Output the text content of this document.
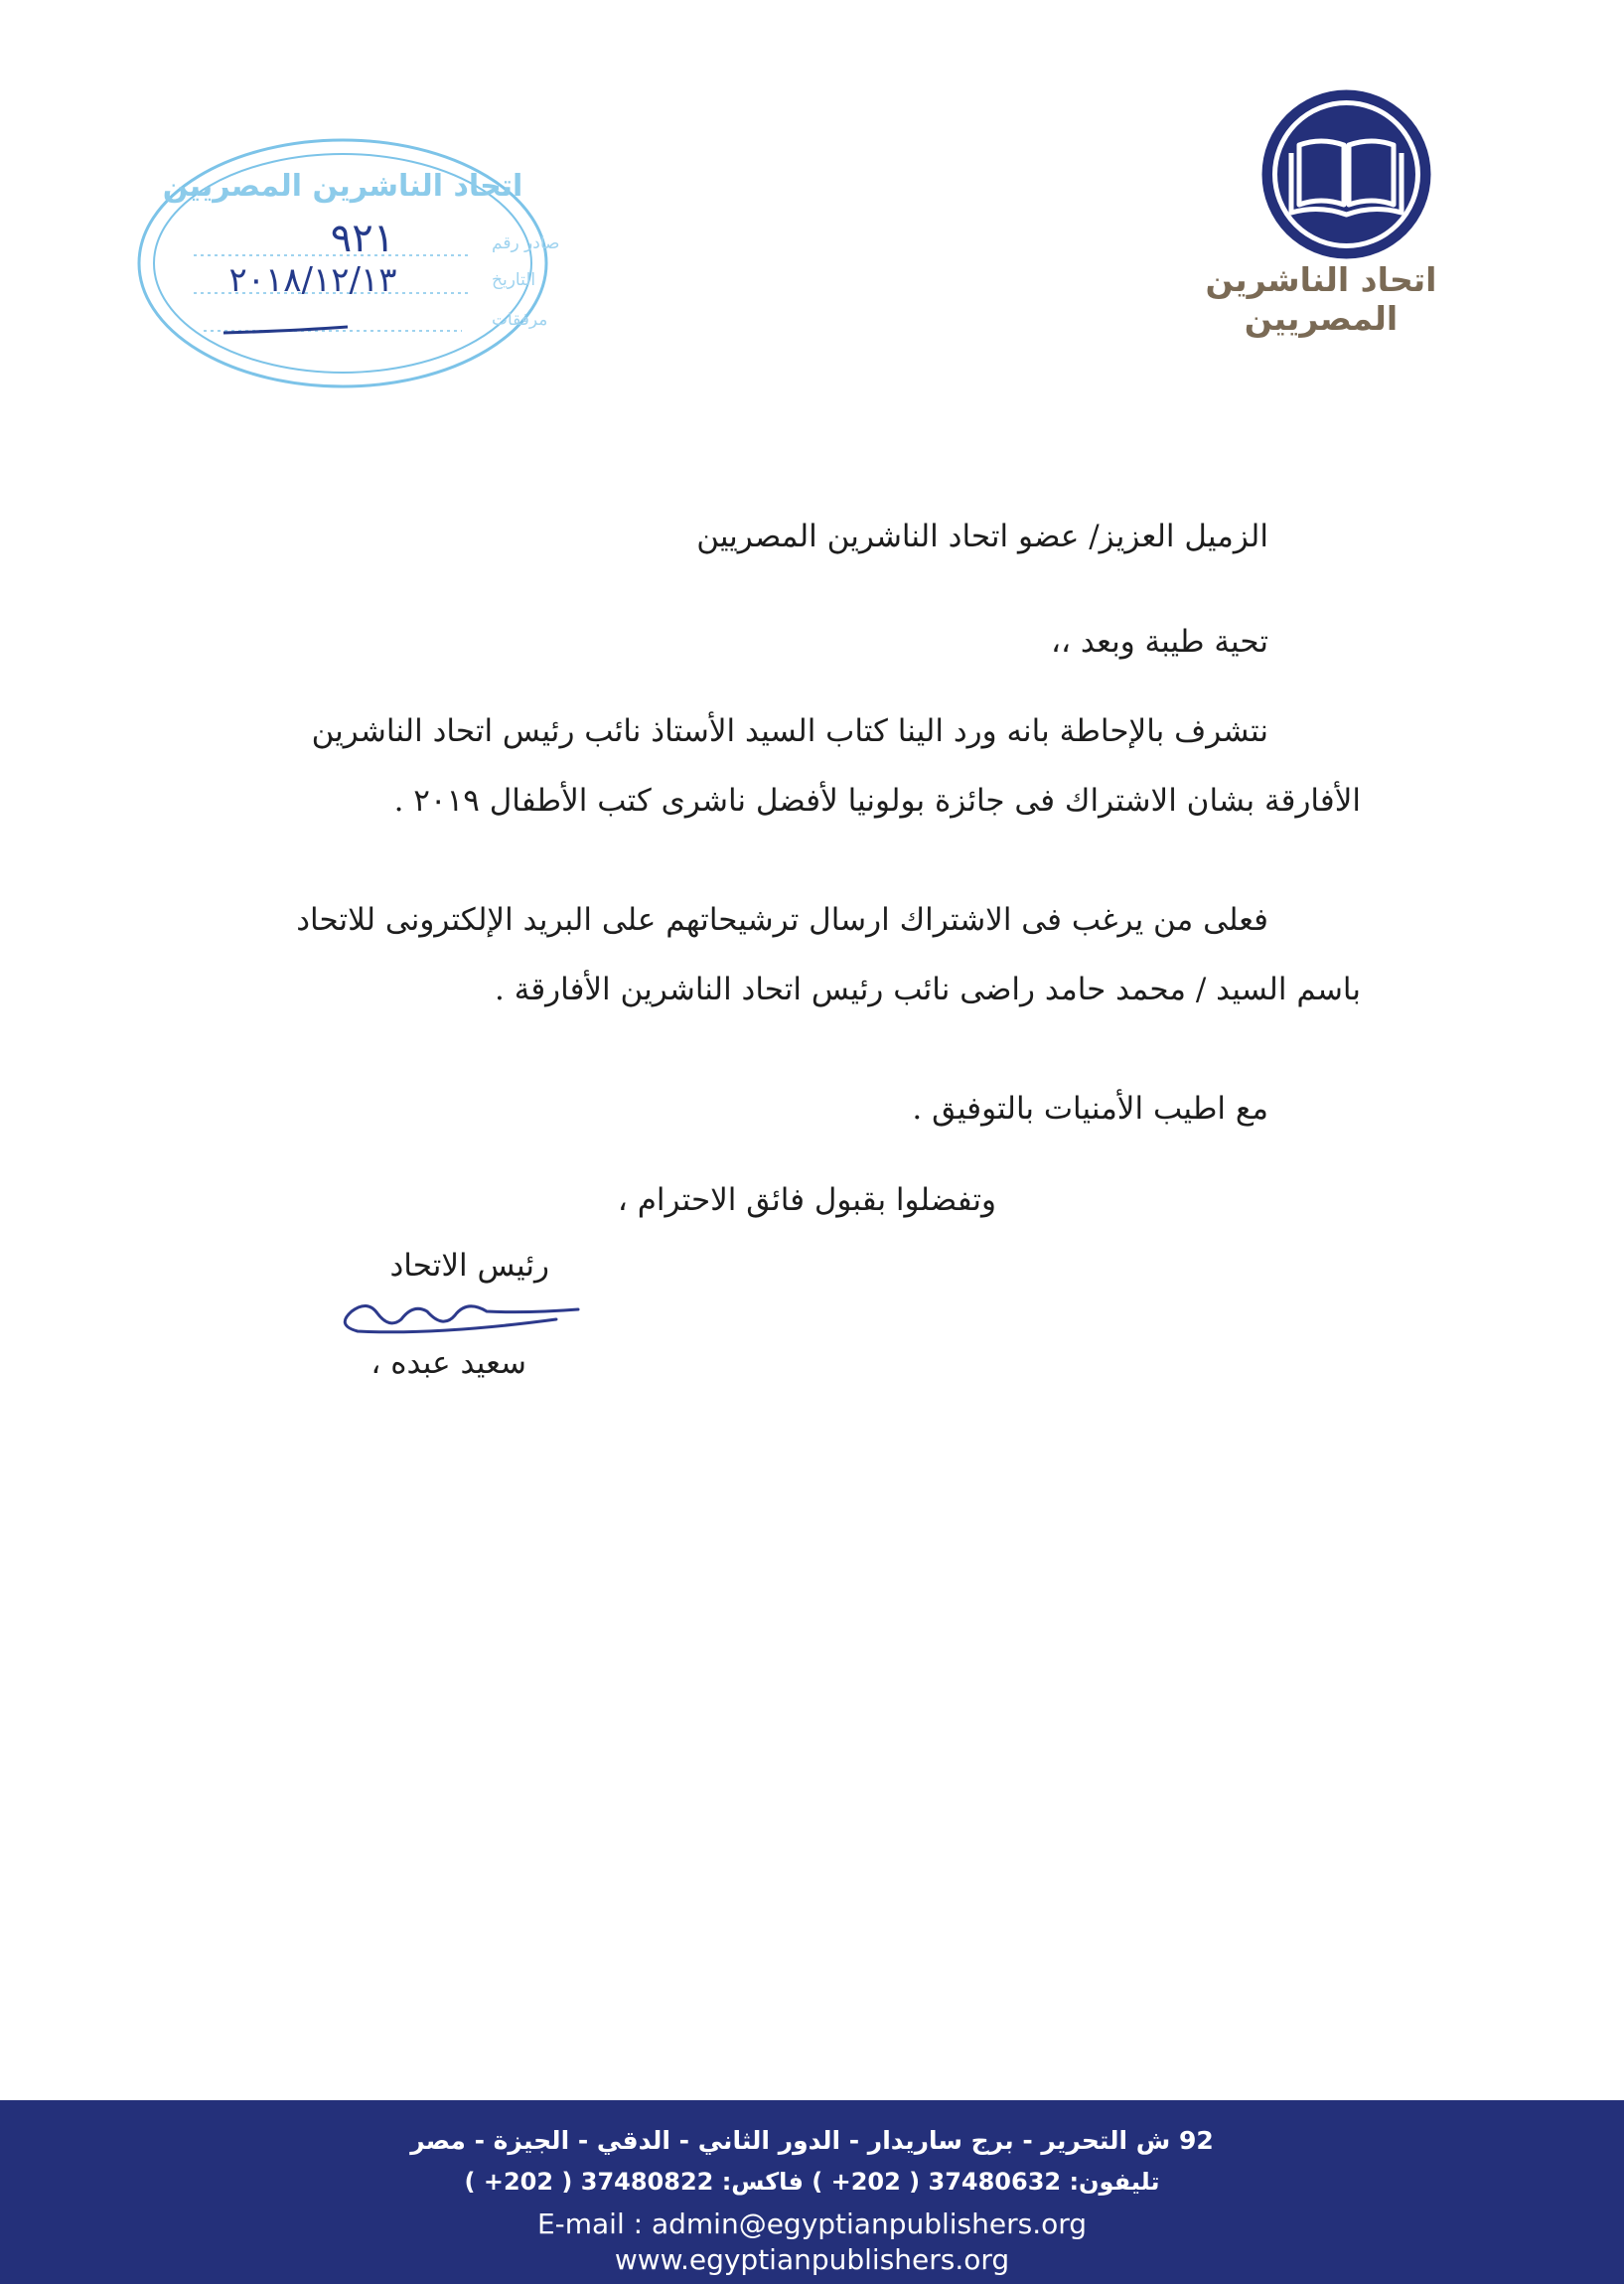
اتحاد الناشرين المصريين
اتحاد الناشرين المصريين
صادر رقم
٩٢١
التاريخ
٢٠١٨/١٢/١٣
مرفقات
الزميل العزيز/ عضو اتحاد الناشرين المصريين
تحية طيبة وبعد ،،
نتشرف بالإحاطة بانه ورد الينا كتاب السيد الأستاذ نائب رئيس اتحاد الناشرين
الأفارقة بشان الاشتراك فى جائزة بولونيا لأفضل ناشرى كتب الأطفال ٢٠١٩ .
فعلى من يرغب فى الاشتراك ارسال ترشيحاتهم على البريد الإلكترونى للاتحاد
باسم السيد / محمد حامد راضى نائب رئيس اتحاد الناشرين الأفارقة .
مع اطيب الأمنيات بالتوفيق .
وتفضلوا بقبول فائق الاحترام ،
رئيس الاتحاد
سعيد عبده ،
92 ش التحرير - برج ساريدار - الدور الثاني - الدقي - الجيزة - مصر
تليفون: 37480632 ( 202+ ) فاكس: 37480822 ( 202+ )
E-mail : admin@egyptianpublishers.org
www.egyptianpublishers.org
